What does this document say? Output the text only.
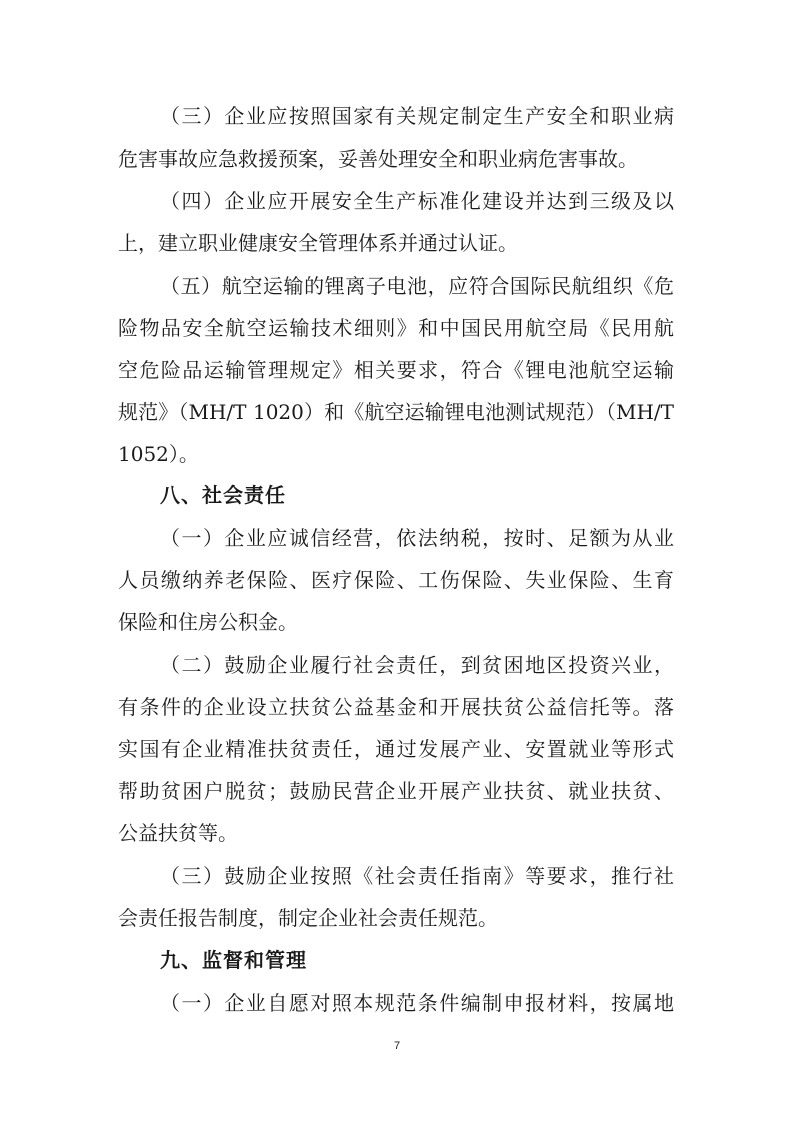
（三）企业应按照国家有关规定制定生产安全和职业病
危害事故应急救援预案，妥善处理安全和职业病危害事故。
（四）企业应开展安全生产标准化建设并达到三级及以
上，建立职业健康安全管理体系并通过认证。
（五）航空运输的锂离子电池，应符合国际民航组织《危
险物品安全航空运输技术细则》和中国民用航空局《民用航
空危险品运输管理规定》相关要求，符合《锂电池航空运输
规范》（MH/T 1020）和《航空运输锂电池测试规范）（MH/T
1052）。
八、社会责任
（一）企业应诚信经营，依法纳税，按时、足额为从业
人员缴纳养老保险、医疗保险、工伤保险、失业保险、生育
保险和住房公积金。
（二）鼓励企业履行社会责任，到贫困地区投资兴业，
有条件的企业设立扶贫公益基金和开展扶贫公益信托等。落
实国有企业精准扶贫责任，通过发展产业、安置就业等形式
帮助贫困户脱贫；鼓励民营企业开展产业扶贫、就业扶贫、
公益扶贫等。
（三）鼓励企业按照《社会责任指南》等要求，推行社
会责任报告制度，制定企业社会责任规范。
九、监督和管理
（一）企业自愿对照本规范条件编制申报材料，按属地
7
